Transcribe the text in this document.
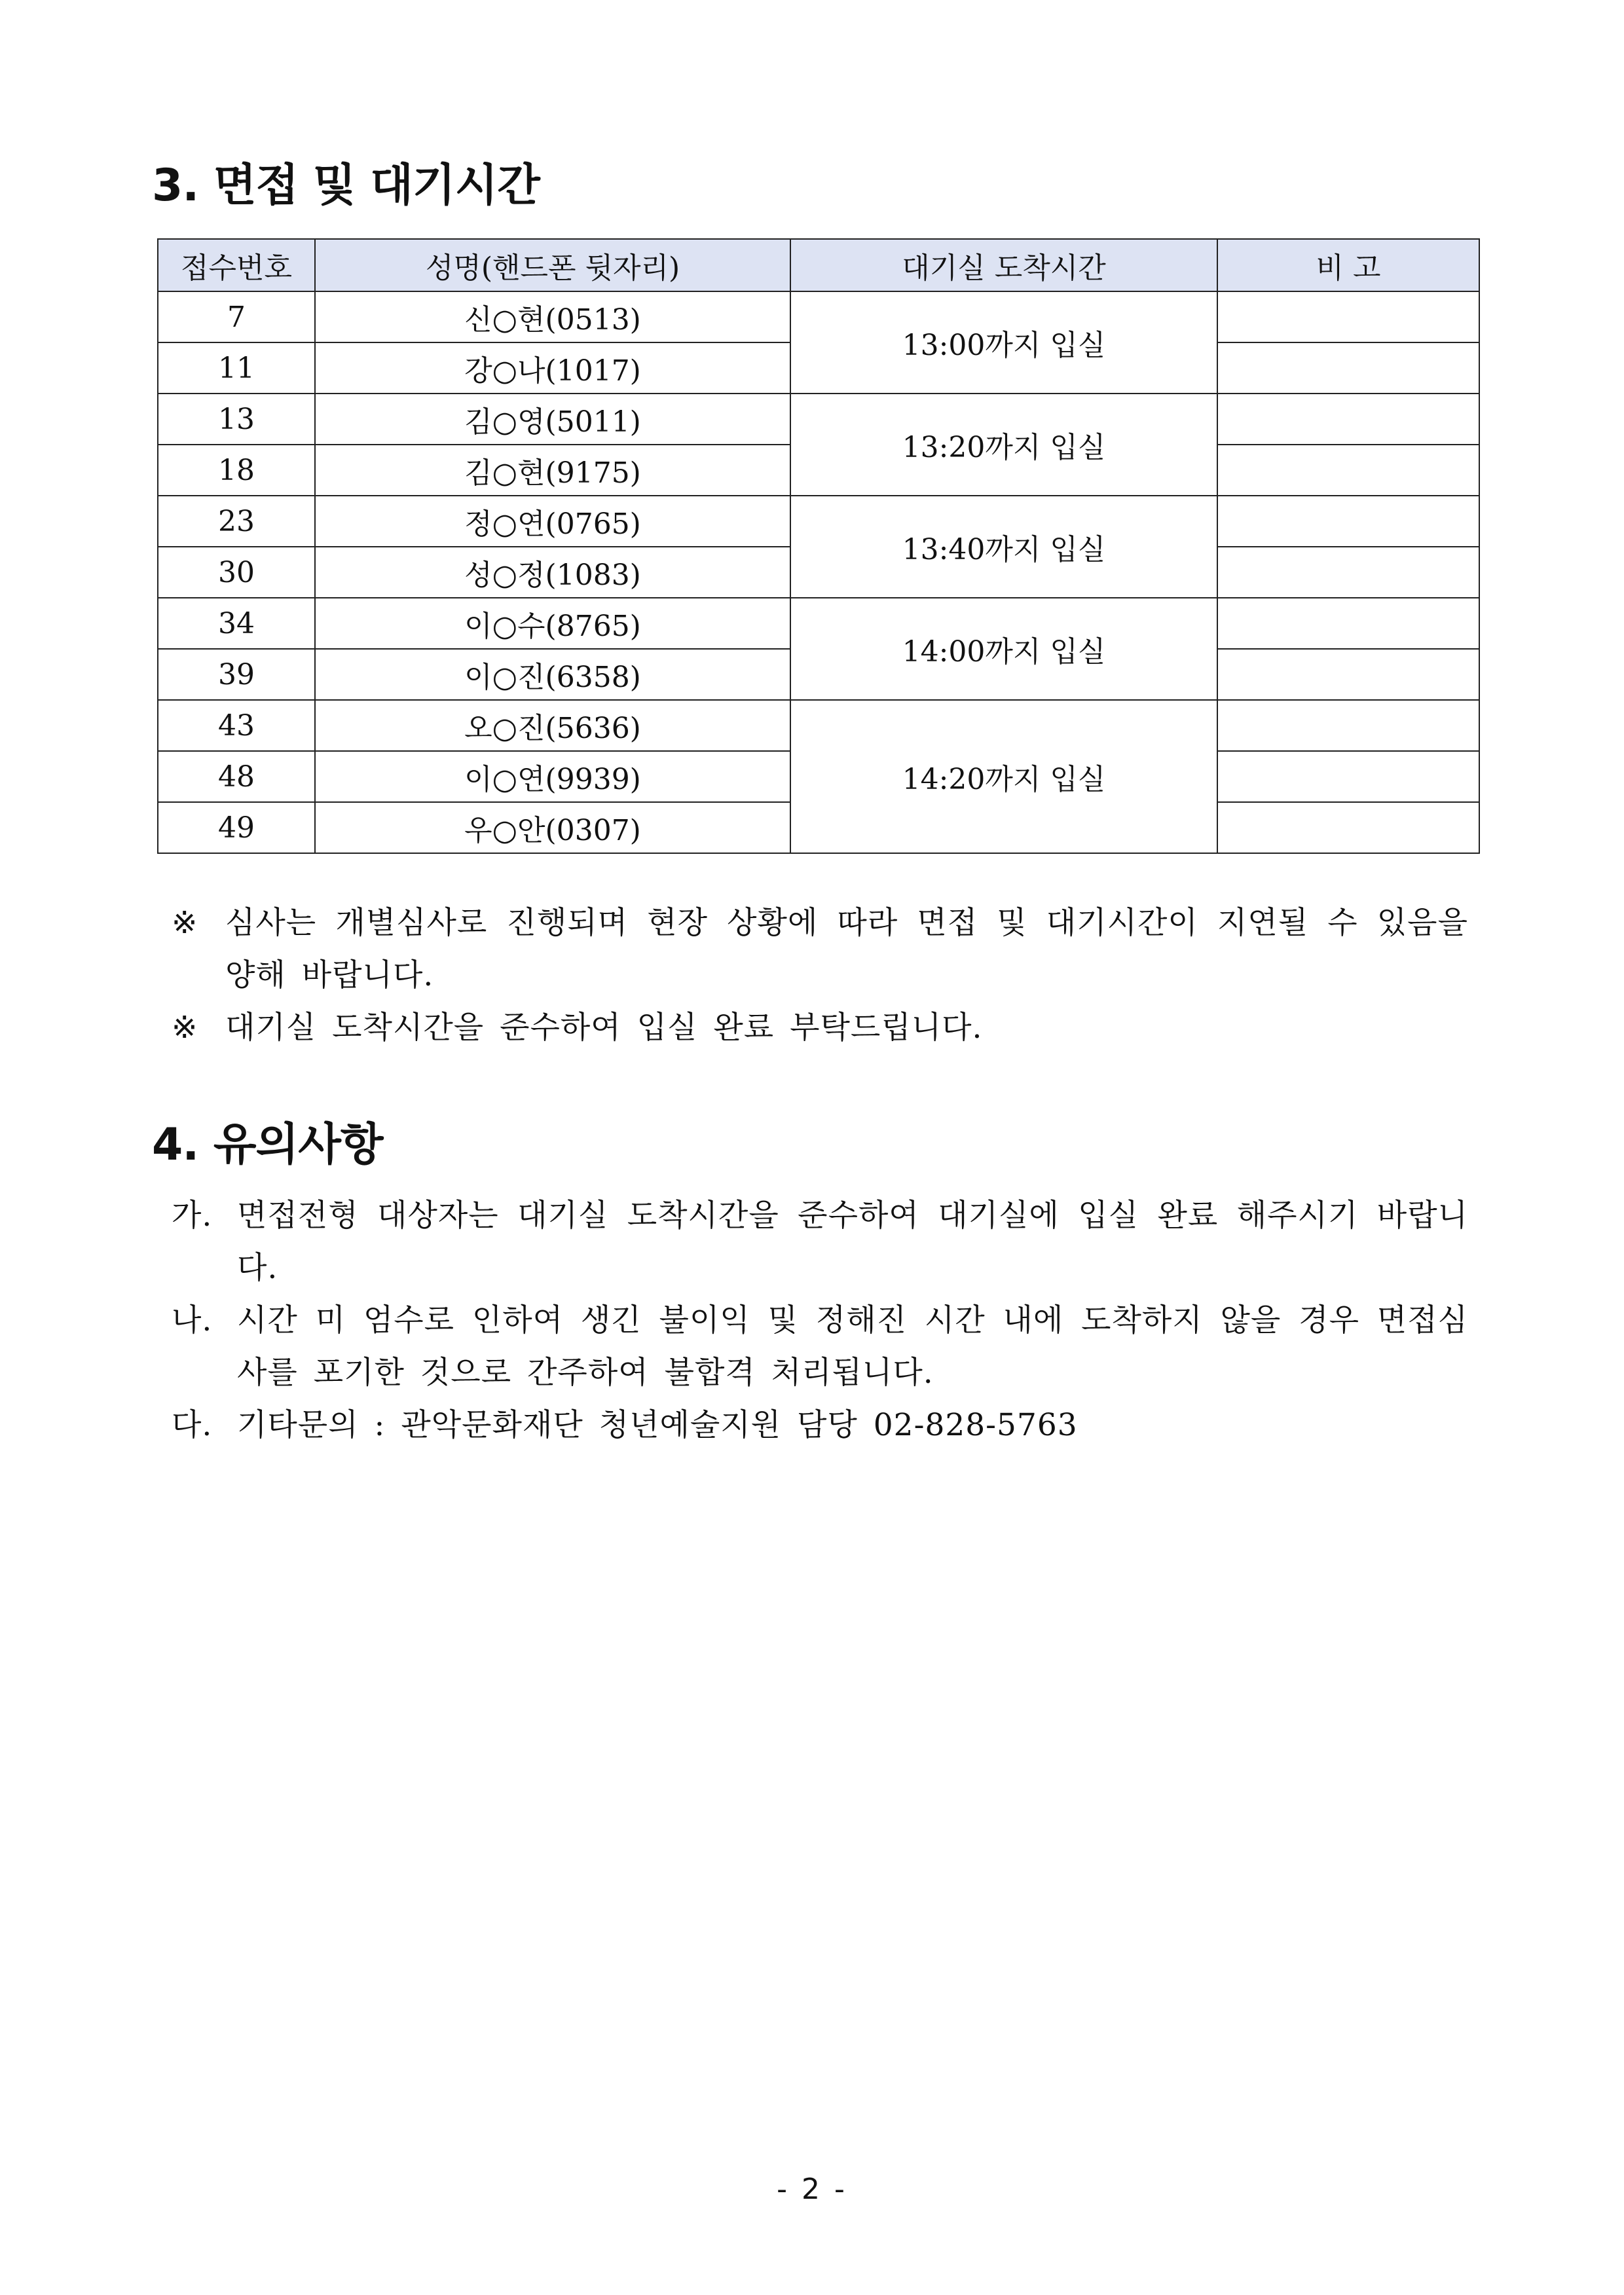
3. 면접 및 대기시간
접수번호	성명(핸드폰 뒷자리)	대기실 도착시간	비 고
7	신○현(0513)	13:00까지 입실	
11	강○나(1017)		
13	김○영(5011)	13:20까지 입실	
18	김○현(9175)		
23	정○연(0765)	13:40까지 입실	
30	성○정(1083)		
34	이○수(8765)	14:00까지 입실	
39	이○진(6358)		
43	오○진(5636)	14:20까지 입실	
48	이○연(9939)		
49	우○안(0307)		
※ 심사는 개별심사로 진행되며 현장 상황에 따라 면접 및 대기시간이 지연될 수 있음을 양해 바랍니다.
※ 대기실 도착시간을 준수하여 입실 완료 부탁드립니다.
4. 유의사항
가. 면접전형 대상자는 대기실 도착시간을 준수하여 대기실에 입실 완료 해주시기 바랍니다.
나. 시간 미 엄수로 인하여 생긴 불이익 및 정해진 시간 내에 도착하지 않을 경우 면접심사를 포기한 것으로 간주하여 불합격 처리됩니다.
다. 기타문의 : 관악문화재단 청년예술지원 담당 02-828-5763
- 2 -
